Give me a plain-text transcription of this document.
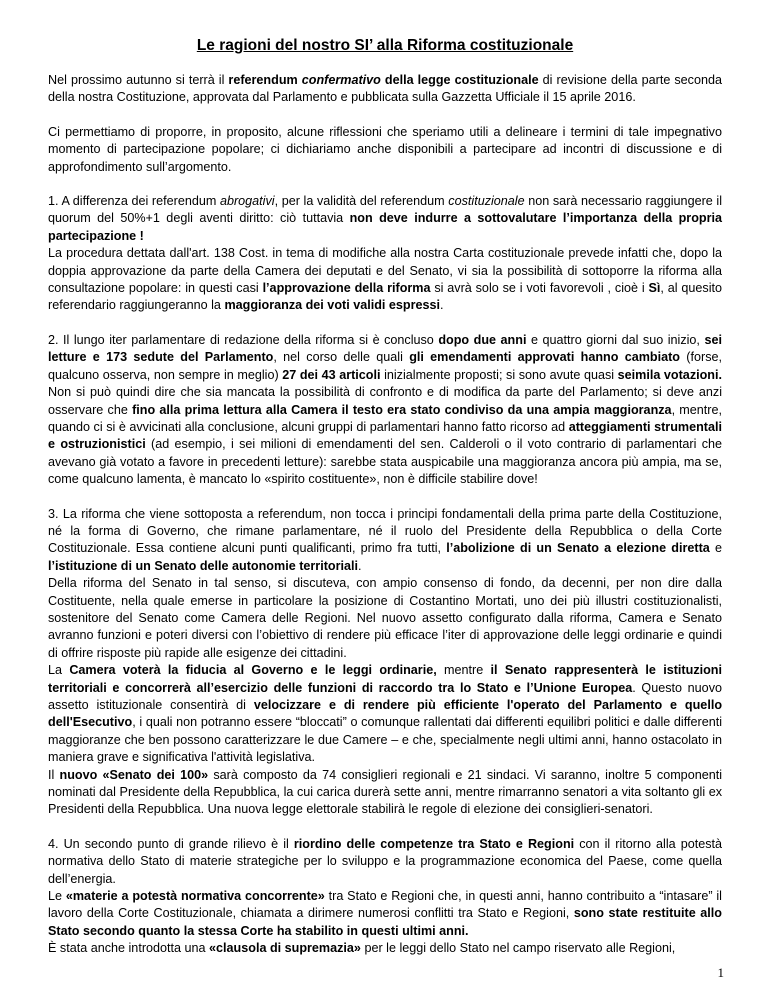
Le ragioni del nostro SI’ alla Riforma costituzionale

Nel prossimo autunno si terrà il referendum confermativo della legge costituzionale di revisione della parte seconda della nostra Costituzione, approvata dal Parlamento e pubblicata sulla Gazzetta Ufficiale il 15 aprile 2016.

Ci permettiamo di proporre, in proposito, alcune riflessioni che speriamo utili a delineare i termini di tale impegnativo momento di partecipazione popolare; ci dichiariamo anche disponibili a partecipare ad incontri di discussione e di approfondimento sull’argomento.

1. A differenza dei referendum abrogativi, per la validità del referendum costituzionale non sarà necessario raggiungere il quorum del 50%+1 degli aventi diritto: ciò tuttavia non deve indurre a sottovalutare l’importanza della propria partecipazione !

La procedura dettata dall'art. 138 Cost. in tema di modifiche alla nostra Carta costituzionale prevede infatti che, dopo la doppia approvazione da parte della Camera dei deputati e del Senato, vi sia la possibilità di sottoporre la riforma alla consultazione popolare: in questi casi l’approvazione della riforma si avrà solo se i voti favorevoli , cioè i Sì, al quesito referendario raggiungeranno la maggioranza dei voti validi espressi.

2. Il lungo iter parlamentare di redazione della riforma si è concluso dopo due anni e quattro giorni dal suo inizio, sei letture e 173 sedute del Parlamento, nel corso delle quali gli emendamenti approvati hanno cambiato (forse, qualcuno osserva, non sempre in meglio) 27 dei 43 articoli inizialmente proposti; si sono avute quasi seimila votazioni. Non si può quindi dire che sia mancata la possibilità di confronto e di modifica da parte del Parlamento; si deve anzi osservare che fino alla prima lettura alla Camera il testo era stato condiviso da una ampia maggioranza, mentre, quando ci si è avvicinati alla conclusione, alcuni gruppi di parlamentari hanno fatto ricorso ad atteggiamenti strumentali e ostruzionistici (ad esempio, i sei milioni di emendamenti del sen. Calderoli o il voto contrario di parlamentari che avevano già votato a favore in precedenti letture): sarebbe stata auspicabile una maggioranza ancora più ampia, ma se, come qualcuno lamenta, è mancato lo «spirito costituente», non è difficile stabilire dove!

3. La riforma che viene sottoposta a referendum, non tocca i principi fondamentali della prima parte della Costituzione, né la forma di Governo, che rimane parlamentare, né il ruolo del Presidente della Repubblica o della Corte Costituzionale. Essa contiene alcuni punti qualificanti, primo fra tutti, l’abolizione di un Senato a elezione diretta e l’istituzione di un Senato delle autonomie territoriali.

Della riforma del Senato in tal senso, si discuteva, con ampio consenso di fondo, da decenni, per non dire dalla Costituente, nella quale emerse in particolare la posizione di Costantino Mortati, uno dei più illustri costituzionalisti, sostenitore del Senato come Camera delle Regioni. Nel nuovo assetto configurato dalla riforma, Camera e Senato avranno funzioni e poteri diversi con l’obiettivo di rendere più efficace l’iter di approvazione delle leggi ordinarie e quindi di offrire risposte più rapide alle esigenze dei cittadini.

La Camera voterà la fiducia al Governo e le leggi ordinarie, mentre il Senato rappresenterà le istituzioni territoriali e concorrerà all’esercizio delle funzioni di raccordo tra lo Stato e l’Unione Europea. Questo nuovo assetto istituzionale consentirà di velocizzare e di rendere più efficiente l'operato del Parlamento e quello dell'Esecutivo, i quali non potranno essere “bloccati” o comunque rallentati dai differenti equilibri politici e dalle differenti maggioranze che ben possono caratterizzare le due Camere – e che, specialmente negli ultimi anni, hanno ostacolato in maniera grave e significativa l'attività legislativa.

Il nuovo «Senato dei 100» sarà composto da 74 consiglieri regionali e 21 sindaci. Vi saranno, inoltre 5 componenti nominati dal Presidente della Repubblica, la cui carica durerà sette anni, mentre rimarranno senatori a vita soltanto gli ex Presidenti della Repubblica. Una nuova legge elettorale stabilirà le regole di elezione dei consiglieri-senatori.

4. Un secondo punto di grande rilievo è il riordino delle competenze tra Stato e Regioni con il ritorno alla potestà normativa dello Stato di materie strategiche per lo sviluppo e la programmazione economica del Paese, come quella dell’energia.

Le «materie a potestà normativa concorrente» tra Stato e Regioni che, in questi anni, hanno contribuito a “intasare” il lavoro della Corte Costituzionale, chiamata a dirimere numerosi conflitti tra Stato e Regioni, sono state restituite allo Stato secondo quanto la stessa Corte ha stabilito in questi ultimi anni.

È stata anche introdotta una «clausola di supremazia» per le leggi dello Stato nel campo riservato alle Regioni,

1
